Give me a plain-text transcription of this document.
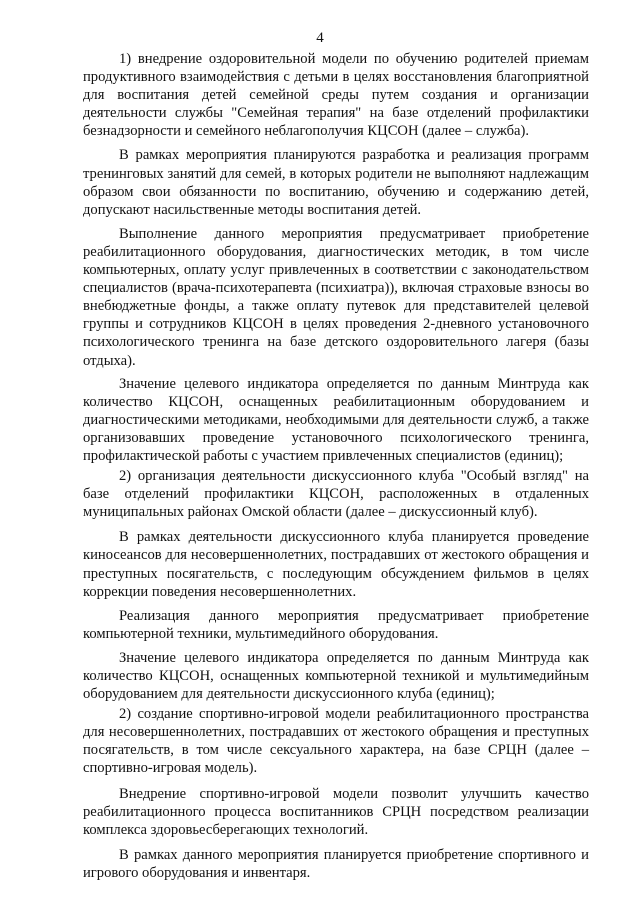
4

1) внедрение оздоровительной модели по обучению родителей приемам продуктивного взаимодействия с детьми в целях восстановления благоприятной для воспитания детей семейной среды путем создания и организации деятельности службы "Семейная терапия" на базе отделений профилактики безнадзорности и семейного неблагополучия КЦСОН (далее – служба).

В рамках мероприятия планируются разработка и реализация программ тренинговых занятий для семей, в которых родители не выполняют надлежащим образом свои обязанности по воспитанию, обучению и содержанию детей, допускают насильственные методы воспитания детей.

Выполнение данного мероприятия предусматривает приобретение реабилитационного оборудования, диагностических методик, в том числе компьютерных, оплату услуг привлеченных в соответствии с законодательством специалистов (врача-психотерапевта (психиатра)), включая страховые взносы во внебюджетные фонды, а также оплату путевок для представителей целевой группы и сотрудников КЦСОН в целях проведения 2-дневного установочного психологического тренинга на базе детского оздоровительного лагеря (базы отдыха).

Значение целевого индикатора определяется по данным Минтруда как количество КЦСОН, оснащенных реабилитационным оборудованием и диагностическими методиками, необходимыми для деятельности служб, а также организовавших проведение установочного психологического тренинга, профилактической работы с участием привлеченных специалистов (единиц);

2) организация деятельности дискуссионного клуба "Особый взгляд" на базе отделений профилактики КЦСОН, расположенных в отдаленных муниципальных районах Омской области (далее – дискуссионный клуб).

В рамках деятельности дискуссионного клуба планируется проведение киносеансов для несовершеннолетних, пострадавших от жестокого обращения и преступных посягательств, с последующим обсуждением фильмов в целях коррекции поведения несовершеннолетних.

Реализация данного мероприятия предусматривает приобретение компьютерной техники, мультимедийного оборудования.

Значение целевого индикатора определяется по данным Минтруда как количество КЦСОН, оснащенных компьютерной техникой и мультимедийным оборудованием для деятельности дискуссионного клуба (единиц);

2) создание спортивно-игровой модели реабилитационного пространства для несовершеннолетних, пострадавших от жестокого обращения и преступных посягательств, в том числе сексуального характера, на базе СРЦН (далее – спортивно-игровая модель).

Внедрение спортивно-игровой модели позволит улучшить качество реабилитационного процесса воспитанников СРЦН посредством реализации комплекса здоровьесберегающих технологий.

В рамках данного мероприятия планируется приобретение спортивного и игрового оборудования и инвентаря.
